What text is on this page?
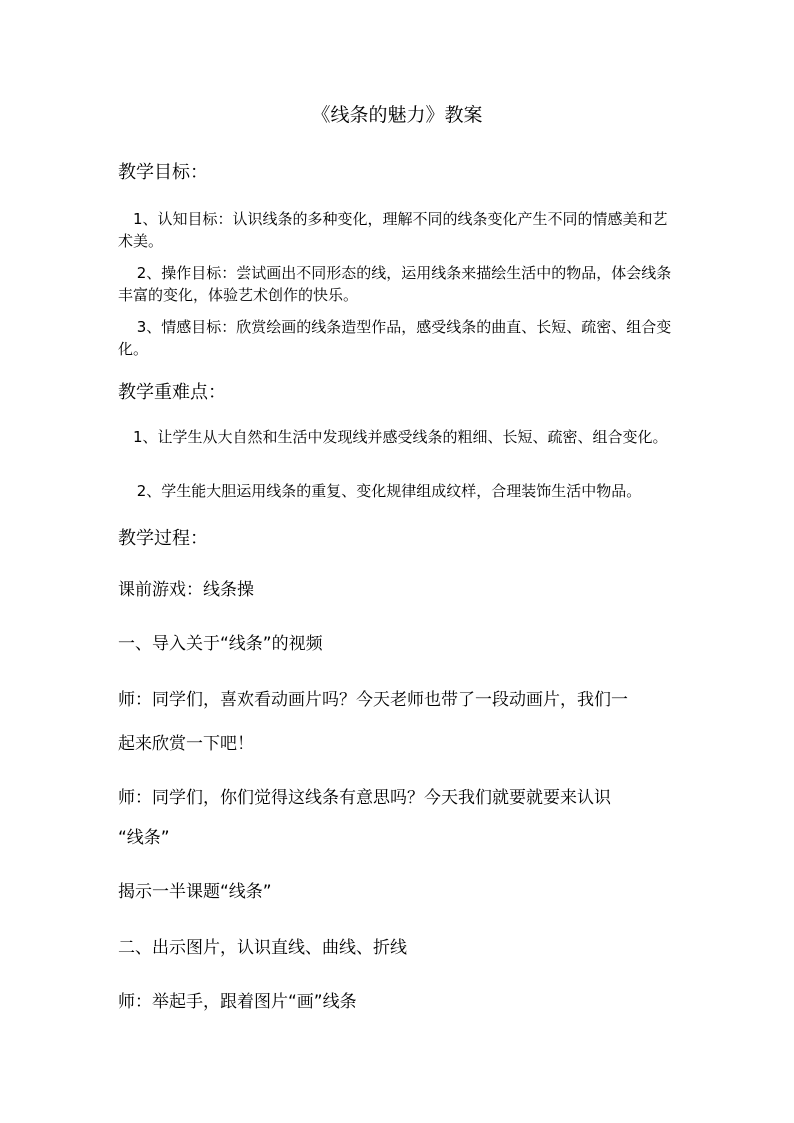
《线条的魅力》教案
教学目标：
1、认知目标：认识线条的多种变化，理解不同的线条变化产生不同的情感美和艺术美。
2、操作目标：尝试画出不同形态的线，运用线条来描绘生活中的物品，体会线条丰富的变化，体验艺术创作的快乐。
3、情感目标：欣赏绘画的线条造型作品，感受线条的曲直、长短、疏密、组合变化。
教学重难点：
1、让学生从大自然和生活中发现线并感受线条的粗细、长短、疏密、组合变化。
2、学生能大胆运用线条的重复、变化规律组成纹样，合理装饰生活中物品。
教学过程：
课前游戏：线条操
一、导入关于“线条”的视频
师：同学们，喜欢看动画片吗？今天老师也带了一段动画片，我们一
起来欣赏一下吧！
师：同学们，你们觉得这线条有意思吗？今天我们就要就要来认识
“线条”
揭示一半课题“线条”
二、出示图片，认识直线、曲线、折线
师：举起手，跟着图片“画”线条
